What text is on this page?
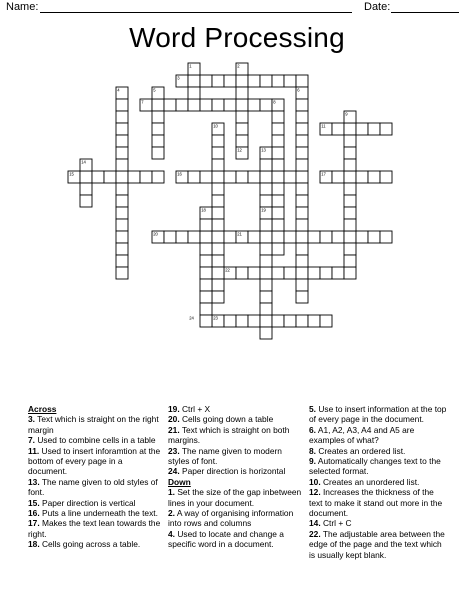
Name:	Date:
Word Processing
1	2
3
4	5	6
7	8
9
10	11
12	13
14
15	16	17
18	19
20	21
22
23
24
Across
3. Text which is straight on the right margin
7. Used to combine cells in a table
11. Used to insert inforamtion at the bottom of every page in a document.
13. The name given to old styles of font.
15. Paper direction is vertical
16. Puts a line underneath the text.
17. Makes the text lean towards the right.
18. Cells going across a table.
19. Ctrl + X
20. Cells going down a table
21. Text which is straight on both margins.
23. The name given to modern styles of font.
24. Paper direction is horizontal
Down
1. Set the size of the gap inbetween lines in your document.
2. A way of organising information into rows and columns
4. Used to locate and change a specific word in a document.
5. Use to insert information at the top of every page in the document.
6. A1, A2, A3, A4 and A5 are examples of what?
8. Creates an ordered list.
9. Automatically changes text to the selected format.
10. Creates an unordered list.
12. Increases the thickness of the text to make it stand out more in the document.
14. Ctrl + C
22. The adjustable area between the edge of the page and the text which is usually kept blank.
